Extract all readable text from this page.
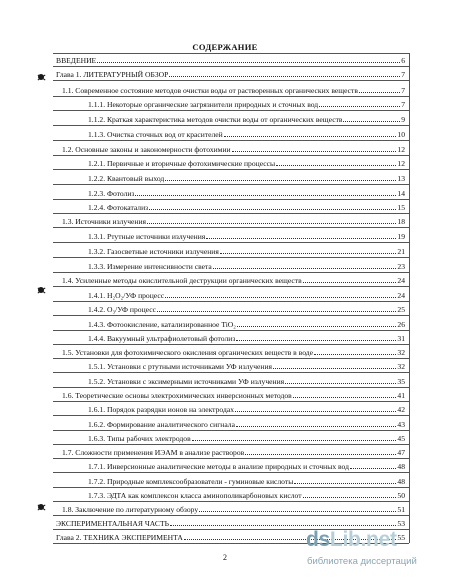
СОДЕРЖАНИЕ
ВВЕДЕНИЕ	6
Глава 1. ЛИТЕРАТУРНЫЙ ОБЗОР	7
1.1. Современное состояние методов очистки воды от растворенных органических веществ	7
1.1.1. Некоторые органические загрязнители природных и сточных вод	7
1.1.2. Краткая характеристика методов очистки воды от органических веществ	9
1.1.3. Очистка сточных вод от красителей	10
1.2. Основные законы и закономерности фотохимии	12
1.2.1. Первичные и вторичные фотохимические процессы	12
1.2.2. Квантовый выход	13
1.2.3. Фотолиз	14
1.2.4. Фотокатализ	15
1.3. Источники излучения	18
1.3.1. Ртутные источники излучения	19
1.3.2. Газосветные источники излучения	21
1.3.3. Измерение интенсивности света	23
1.4. Усиленные методы окислительной деструкции органических веществ	24
1.4.1. H₂O₂/УФ процесс	24
1.4.2. O₃/УФ процесс	25
1.4.3. Фотоокисление, катализированное TiO₂	26
1.4.4. Вакуумный ультрафиолетовый фотолиз	31
1.5. Установки для фотохимического окисления органических веществ в воде	32
1.5.1. Установки с ртутными источниками УФ излучения	32
1.5.2. Установки с эксимерными источниками УФ излучения	35
1.6. Теоретические основы электрохимических инверсионных методов	41
1.6.1. Порядок разрядки ионов на электродах	42
1.6.2. Формирование аналитического сигнала	43
1.6.3. Типы рабочих электродов	45
1.7. Сложности применения ИЭАМ в анализе растворов	47
1.7.1. Инверсионные аналитические методы в анализе природных и сточных вод	48
1.7.2. Природные комплексообразователи - гуминовые кислоты	48
1.7.3. ЭДТА как комплексон класса аминополикарбоновых кислот	50
1.8. Заключение по литературному обзору	51
ЭКСПЕРИМЕНТАЛЬНАЯ ЧАСТЬ	53
Глава 2. ТЕХНИКА ЭКСПЕРИМЕНТА	55
2
dsLib.net
библиотека диссертаций
